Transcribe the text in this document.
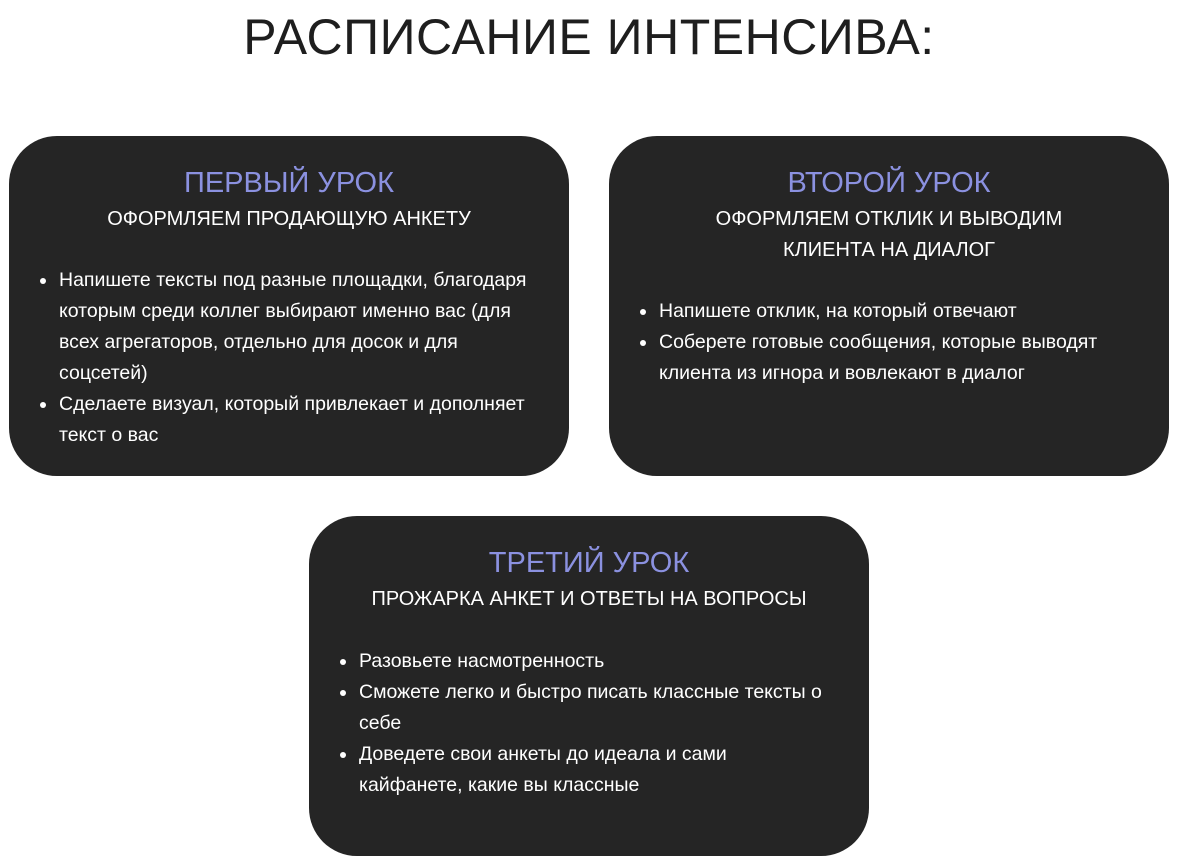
РАСПИСАНИЕ ИНТЕНСИВА:
ПЕРВЫЙ УРОК

ОФОРМЛЯЕМ ПРОДАЮЩУЮ АНКЕТУ

Напишете тексты под разные площадки, благодаря которым среди коллег выбирают именно вас (для всех агрегаторов, отдельно для досок и для соцсетей)
Сделаете визуал, который привлекает и дополняет текст о вас
ВТОРОЙ УРОК

ОФОРМЛЯЕМ ОТКЛИК И ВЫВОДИМ КЛИЕНТА НА ДИАЛОГ

Напишете отклик, на который отвечают
Соберете готовые сообщения, которые выводят клиента из игнора и вовлекают в диалог
ТРЕТИЙ УРОК

ПРОЖАРКА АНКЕТ И ОТВЕТЫ НА ВОПРОСЫ

Разовьете насмотренность
Сможете легко и быстро писать классные тексты о себе
Доведете свои анкеты до идеала и сами кайфанете, какие вы классные
